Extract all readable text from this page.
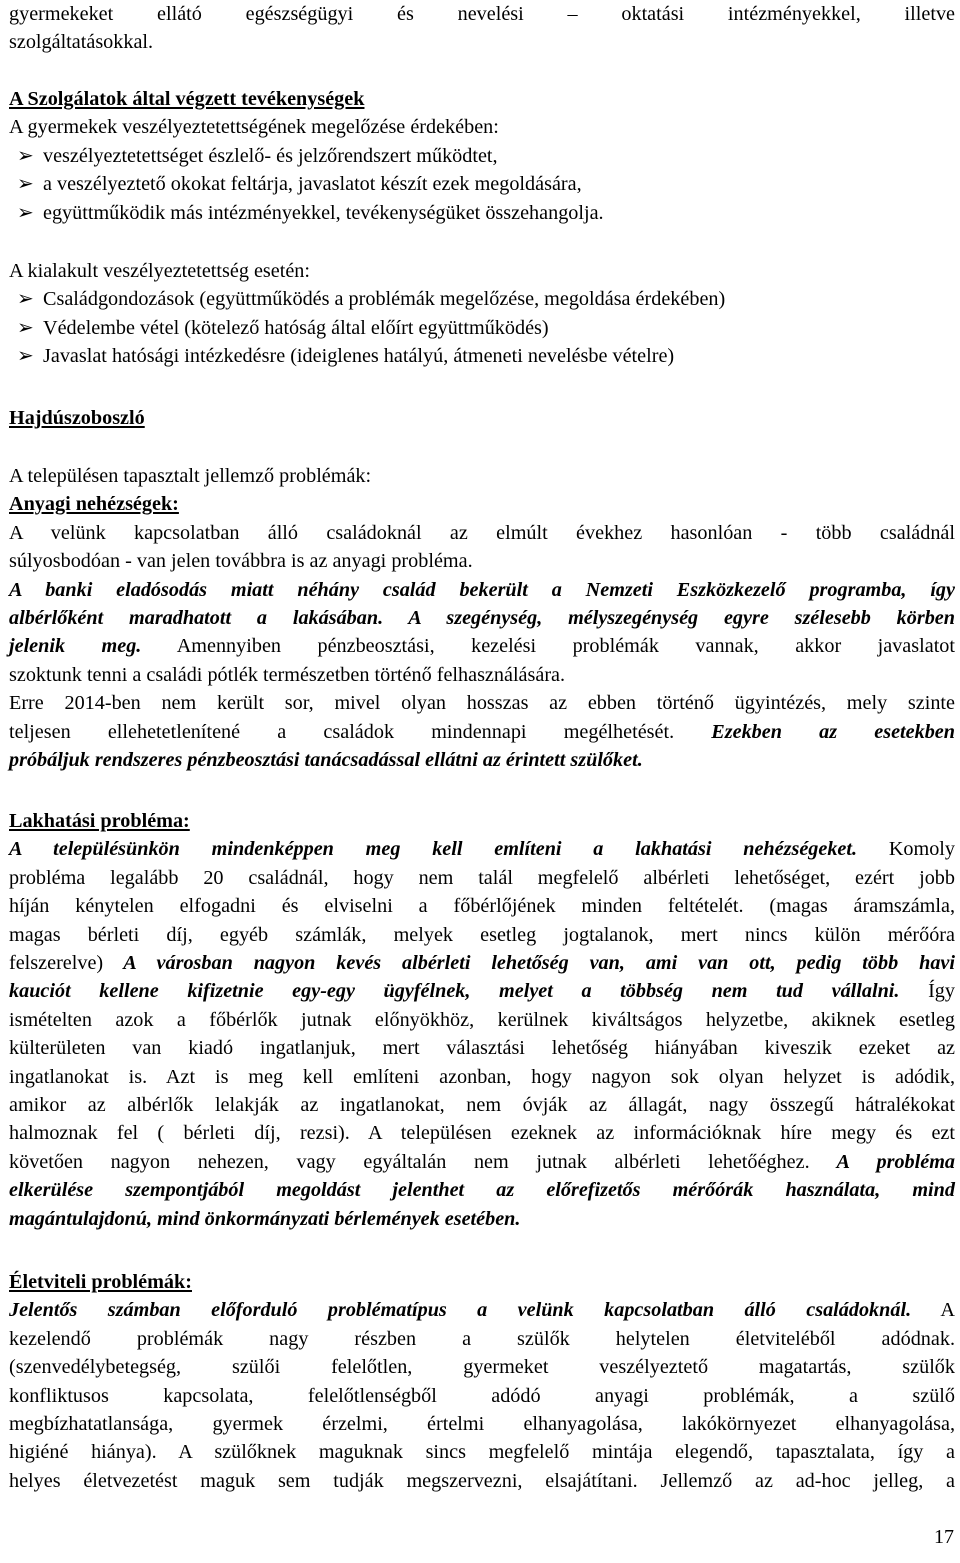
gyermekeket ellátó egészségügyi és nevelési – oktatási intézményekkel, illetve
szolgáltatásokkal.
A Szolgálatok által végzett tevékenységek
A gyermekek veszélyeztetettségének megelőzése érdekében:
➢ veszélyeztetettséget észlelő- és jelzőrendszert működtet,
➢ a veszélyeztető okokat feltárja, javaslatot készít ezek megoldására,
➢ együttműködik más intézményekkel, tevékenységüket összehangolja.
A kialakult veszélyeztetettség esetén:
➢ Családgondozások (együttműködés a problémák megelőzése, megoldása érdekében)
➢ Védelembe vétel (kötelező hatóság által előírt együttműködés)
➢ Javaslat hatósági intézkedésre (ideiglenes hatályú, átmeneti nevelésbe vételre)
Hajdúszoboszló
A településen tapasztalt jellemző problémák:
Anyagi nehézségek:
A velünk kapcsolatban álló családoknál az elmúlt évekhez hasonlóan - több családnál
súlyosbodóan - van jelen továbbra is az anyagi probléma.
A banki eladósodás miatt néhány család bekerült a Nemzeti Eszközkezelő programba, így
albérlőként maradhatott a lakásában. A szegénység, mélyszegénység egyre szélesebb körben
jelenik meg. Amennyiben pénzbeosztási, kezelési problémák vannak, akkor javaslatot
szoktunk tenni a családi pótlék természetben történő felhasználására.
Erre 2014-ben nem került sor, mivel olyan hosszas az ebben történő ügyintézés, mely szinte
teljesen ellehetetlenítené a családok mindennapi megélhetését. Ezekben az esetekben
próbáljuk rendszeres pénzbeosztási tanácsadással ellátni az érintett szülőket.
Lakhatási probléma:
A településünkön mindenképpen meg kell említeni a lakhatási nehézségeket. Komoly
probléma legalább 20 családnál, hogy nem talál megfelelő albérleti lehetőséget, ezért jobb
híján kénytelen elfogadni és elviselni a főbérlőjének minden feltételét. (magas áramszámla,
magas bérleti díj, egyéb számlák, melyek esetleg jogtalanok, mert nincs külön mérőóra
felszerelve) A városban nagyon kevés albérleti lehetőség van, ami van ott, pedig több havi
kauciót kellene kifizetnie egy-egy ügyfélnek, melyet a többség nem tud vállalni. Így
ismételten azok a főbérlők jutnak előnyökhöz, kerülnek kiváltságos helyzetbe, akiknek esetleg
külterületen van kiadó ingatlanjuk, mert választási lehetőség hiányában kiveszik ezeket az
ingatlanokat is. Azt is meg kell említeni azonban, hogy nagyon sok olyan helyzet is adódik,
amikor az albérlők lelakják az ingatlanokat, nem óvják az állagát, nagy összegű hátralékokat
halmoznak fel ( bérleti díj, rezsi). A településen ezeknek az információknak híre megy és ezt
követően nagyon nehezen, vagy egyáltalán nem jutnak albérleti lehetőéghez. A probléma
elkerülése szempontjából megoldást jelenthet az előrefizetős mérőórák használata, mind
magántulajdonú, mind önkormányzati bérlemények esetében.
Életviteli problémák:
Jelentős számban előforduló problématípus a velünk kapcsolatban álló családoknál. A
kezelendő problémák nagy részben a szülők helytelen életviteléből adódnak.
(szenvedélybetegség, szülői felelőtlen, gyermeket veszélyeztető magatartás, szülők
konfliktusos kapcsolata, felelőtlenségből adódó anyagi problémák, a szülő
megbízhatatlansága, gyermek érzelmi, értelmi elhanyagolása, lakókörnyezet elhanyagolása,
higiéné hiánya). A szülőknek maguknak sincs megfelelő mintája elegendő, tapasztalata, így a
helyes életvezetést maguk sem tudják megszervezni, elsajátítani. Jellemző az ad-hoc jelleg, a
17
